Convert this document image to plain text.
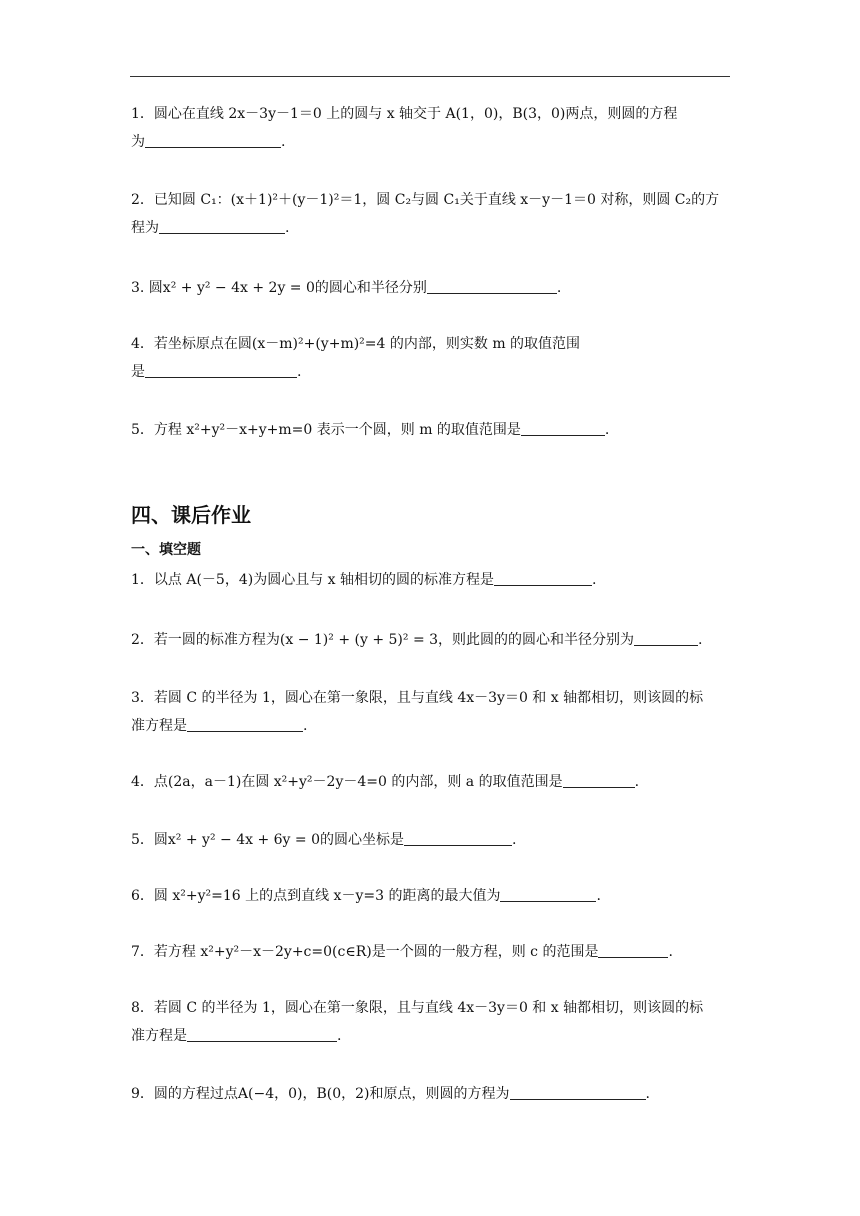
1．圆心在直线 2x－3y－1＝0 上的圆与 x 轴交于 A(1，0)，B(3，0)两点，则圆的方程
为	.
2．已知圆 C₁：(x＋1)²＋(y－1)²＝1，圆 C₂与圆 C₁关于直线 x－y－1＝0 对称，则圆 C₂的方
程为	.
3. 圆x² + y² − 4x + 2y = 0的圆心和半径分别	.
4．若坐标原点在圆(x－m)²+(y+m)²=4 的内部，则实数 m 的取值范围
是	.
5．方程 x²+y²－x+y+m=0 表示一个圆，则 m 的取值范围是	.
四、课后作业
一、填空题
1．以点 A(－5，4)为圆心且与 x 轴相切的圆的标准方程是	.
2．若一圆的标准方程为(x − 1)² + (y + 5)² = 3，则此圆的的圆心和半径分别为	.
3．若圆 C 的半径为 1，圆心在第一象限，且与直线 4x－3y＝0 和 x 轴都相切，则该圆的标
准方程是	.
4．点(2a，a－1)在圆 x²+y²－2y－4=0 的内部，则 a 的取值范围是	.
5．圆x² + y² − 4x + 6y = 0的圆心坐标是	.
6．圆 x²+y²=16 上的点到直线 x－y=3 的距离的最大值为	.
7．若方程 x²+y²－x－2y+c=0(c∈R)是一个圆的一般方程，则 c 的范围是	.
8．若圆 C 的半径为 1，圆心在第一象限，且与直线 4x－3y＝0 和 x 轴都相切，则该圆的标
准方程是	.
9．圆的方程过点A(−4，0)，B(0，2)和原点，则圆的方程为	.
